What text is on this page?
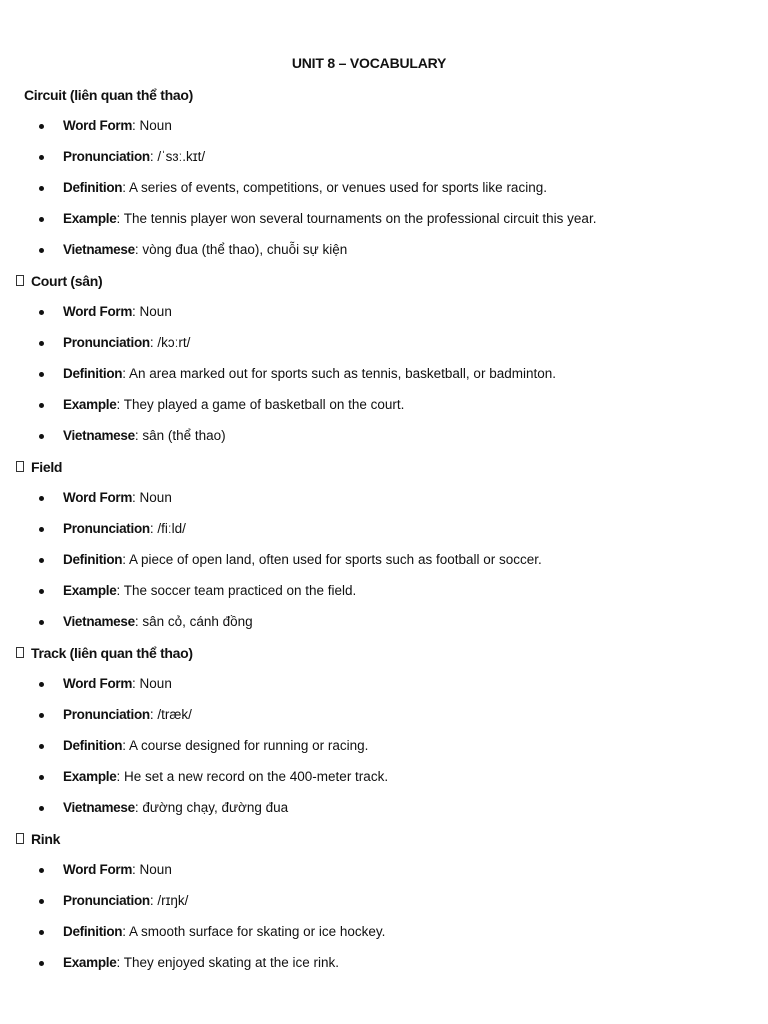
UNIT 8 – VOCABULARY
Circuit (liên quan thể thao)
Word Form: Noun
Pronunciation: /ˈsɜː.kɪt/
Definition: A series of events, competitions, or venues used for sports like racing.
Example: The tennis player won several tournaments on the professional circuit this year.
Vietnamese: vòng đua (thể thao), chuỗi sự kiện
Court (sân)
Word Form: Noun
Pronunciation: /kɔːrt/
Definition: An area marked out for sports such as tennis, basketball, or badminton.
Example: They played a game of basketball on the court.
Vietnamese: sân (thể thao)
Field
Word Form: Noun
Pronunciation: /fiːld/
Definition: A piece of open land, often used for sports such as football or soccer.
Example: The soccer team practiced on the field.
Vietnamese: sân cỏ, cánh đồng
Track (liên quan thể thao)
Word Form: Noun
Pronunciation: /træk/
Definition: A course designed for running or racing.
Example: He set a new record on the 400-meter track.
Vietnamese: đường chạy, đường đua
Rink
Word Form: Noun
Pronunciation: /rɪŋk/
Definition: A smooth surface for skating or ice hockey.
Example: They enjoyed skating at the ice rink.
